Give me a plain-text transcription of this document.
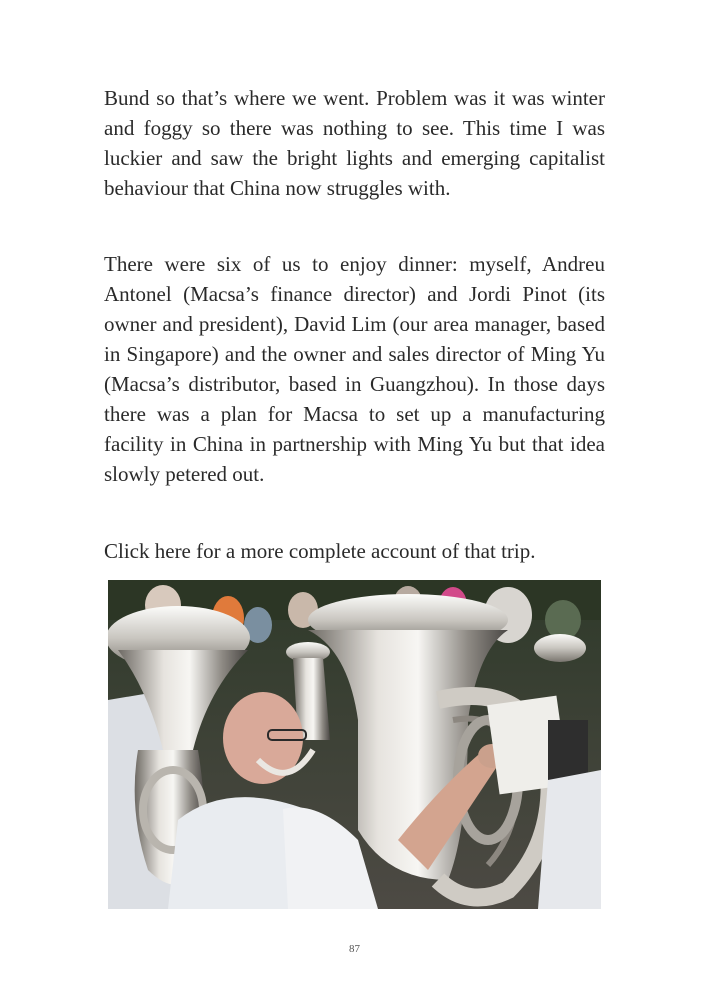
Bund so that’s where we went. Problem was it was winter and foggy so there was nothing to see. This time I was luckier and saw the bright lights and emerging capitalist behaviour that China now struggles with.

There were six of us to enjoy dinner: myself, Andreu Antonel (Macsa’s finance director) and Jordi Pinot (its owner and president), David Lim (our area manager, based in Singapore) and the owner and sales director of Ming Yu (Macsa’s distributor, based in Guangzhou). In those days there was a plan for Macsa to set up a manufacturing facility in China in partnership with Ming Yu but that idea slowly petered out.

Click here for a more complete account of that trip.

87
